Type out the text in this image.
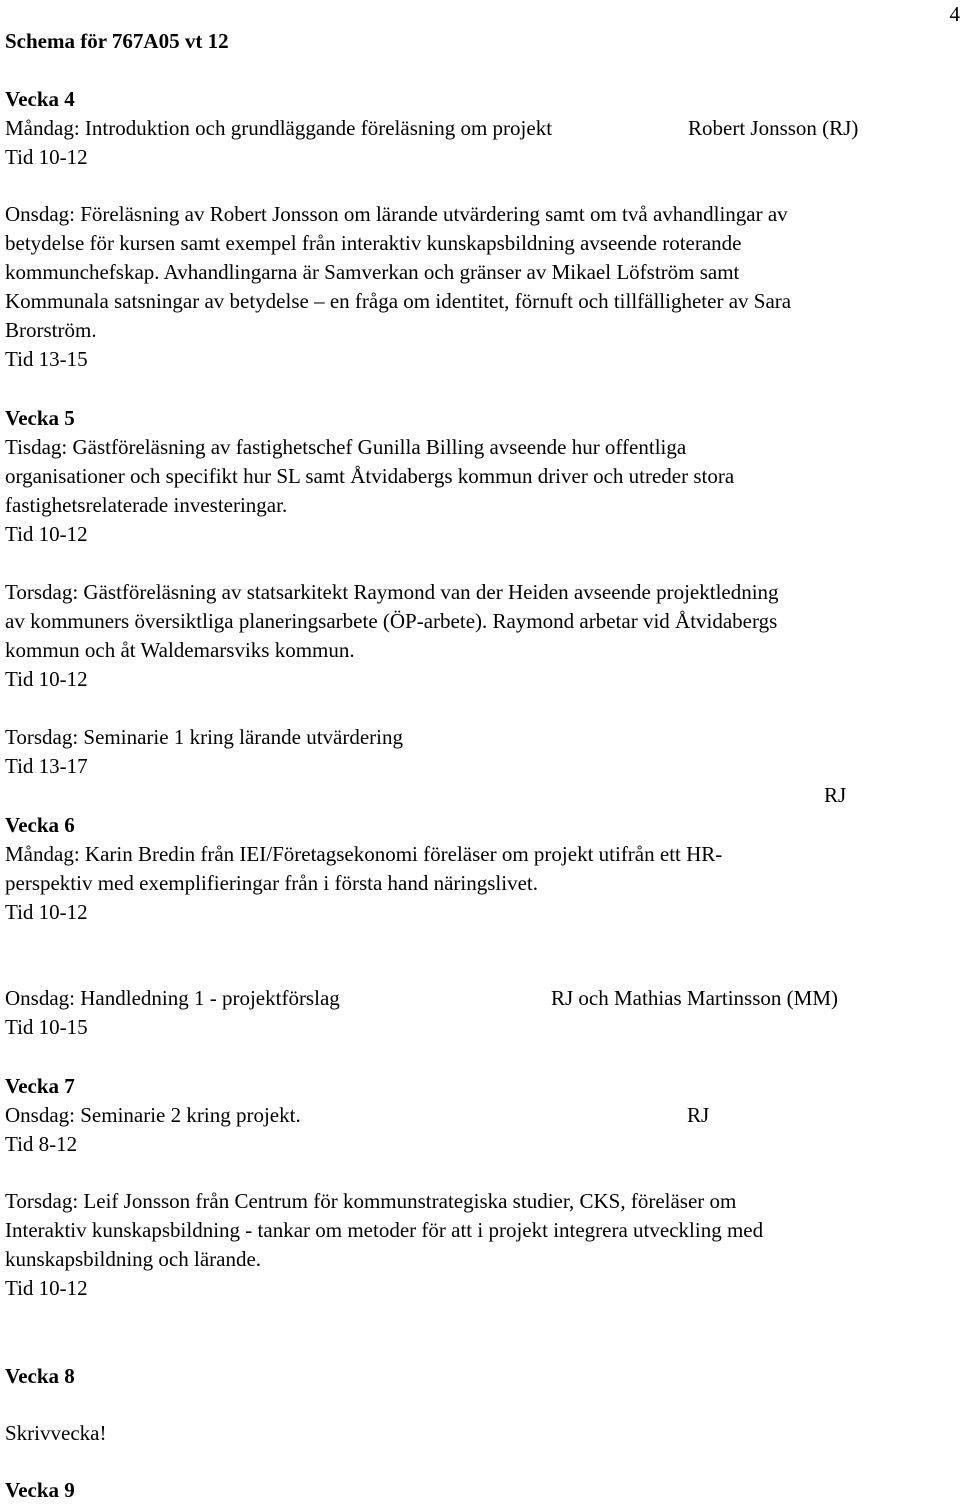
4
Schema för 767A05 vt 12
Vecka 4
Måndag: Introduktion och grundläggande föreläsning om projekt	Robert Jonsson (RJ)
Tid 10-12
Onsdag: Föreläsning av Robert Jonsson om lärande utvärdering samt om två avhandlingar av
betydelse för kursen samt exempel från interaktiv kunskapsbildning avseende roterande
kommunchefskap. Avhandlingarna är Samverkan och gränser av Mikael Löfström samt
Kommunala satsningar av betydelse – en fråga om identitet, förnuft och tillfälligheter av Sara
Brorström.
Tid 13-15
Vecka 5
Tisdag: Gästföreläsning av fastighetschef Gunilla Billing avseende hur offentliga
organisationer och specifikt hur SL samt Åtvidabergs kommun driver och utreder stora
fastighetsrelaterade investeringar.
Tid 10-12
Torsdag: Gästföreläsning av statsarkitekt Raymond van der Heiden avseende projektledning
av kommuners översiktliga planeringsarbete (ÖP-arbete). Raymond arbetar vid Åtvidabergs
kommun och åt Waldemarsviks kommun.
Tid 10-12
Torsdag: Seminarie 1 kring lärande utvärdering
Tid 13-17
RJ
Vecka 6
Måndag: Karin Bredin från IEI/Företagsekonomi föreläser om projekt utifrån ett HR-
perspektiv med exemplifieringar från i första hand näringslivet.
Tid 10-12
Onsdag: Handledning 1 - projektförslag	RJ och Mathias Martinsson (MM)
Tid 10-15
Vecka 7
Onsdag: Seminarie 2 kring projekt.	RJ
Tid 8-12
Torsdag: Leif Jonsson från Centrum för kommunstrategiska studier, CKS, föreläser om
Interaktiv kunskapsbildning - tankar om metoder för att i projekt integrera utveckling med
kunskapsbildning och lärande.
Tid 10-12
Vecka 8
Skrivvecka!
Vecka 9
